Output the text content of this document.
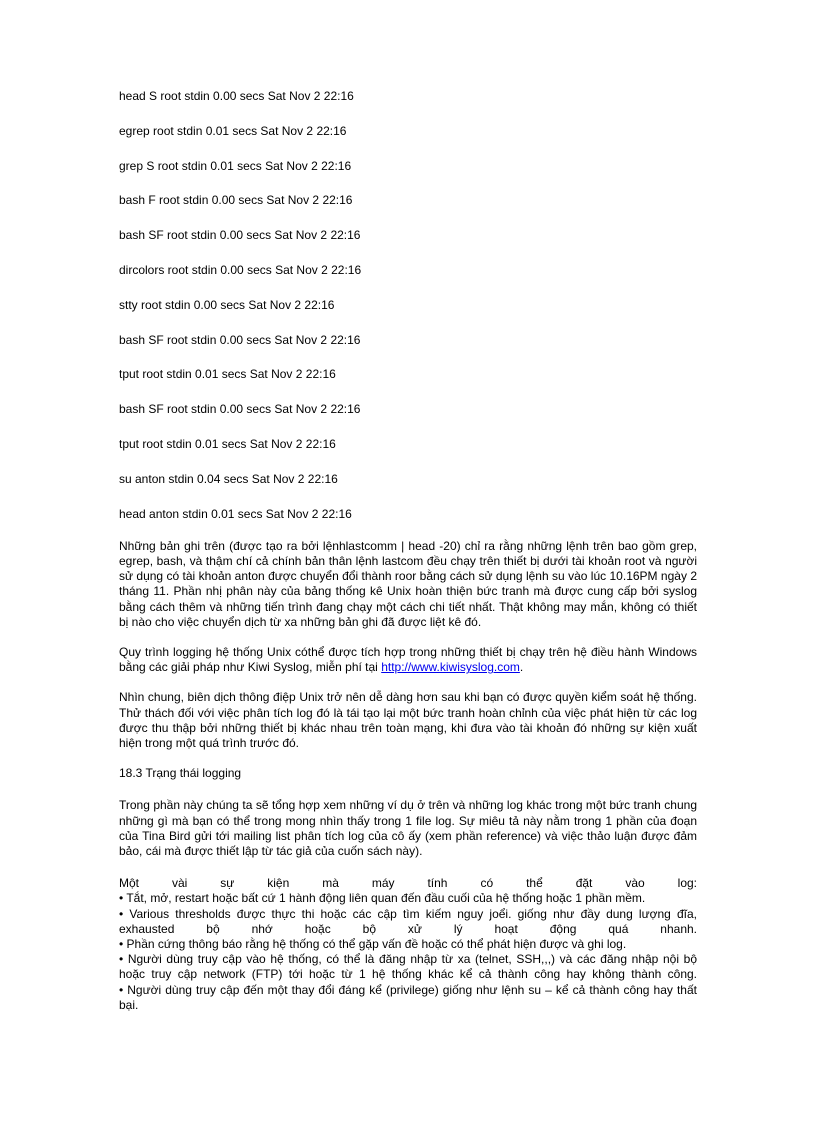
head S root stdin 0.00 secs Sat Nov 2 22:16
egrep root stdin 0.01 secs Sat Nov 2 22:16
grep S root stdin 0.01 secs Sat Nov 2 22:16
bash F root stdin 0.00 secs Sat Nov 2 22:16
bash SF root stdin 0.00 secs Sat Nov 2 22:16
dircolors root stdin 0.00 secs Sat Nov 2 22:16
stty root stdin 0.00 secs Sat Nov 2 22:16
bash SF root stdin 0.00 secs Sat Nov 2 22:16
tput root stdin 0.01 secs Sat Nov 2 22:16
bash SF root stdin 0.00 secs Sat Nov 2 22:16
tput root stdin 0.01 secs Sat Nov 2 22:16
su anton stdin 0.04 secs Sat Nov 2 22:16
head anton stdin 0.01 secs Sat Nov 2 22:16

Những bản ghi trên (được tạo ra bởi lệnhlastcomm | head -20) chỉ ra rằng những lệnh trên bao gồm grep, egrep, bash, và thậm chí cả chính bản thân lệnh lastcom đều chạy trên thiết bị dưới tài khoản root và người sử dụng có tài khoản anton được chuyển đổi thành roor bằng cách sử dụng lệnh su vào lúc 10.16PM ngày 2 tháng 11. Phần nhị phân này của bảng thống kê Unix hoàn thiện bức tranh mà được cung cấp bởi syslog bằng cách thêm và những tiến trình đang chạy một cách chi tiết nhất. Thật không may mắn, không có thiết bị nào cho việc chuyển dịch từ xa những bản ghi đã được liệt kê đó.

Quy trình logging hệ thống Unix cóthể được tích hợp trong những thiết bị chạy trên hệ điều hành Windows bằng các giải pháp như Kiwi Syslog, miễn phí tại http://www.kiwisyslog.com.

Nhìn chung, biên dịch thông điệp Unix trở nên dễ dàng hơn sau khi bạn có được quyền kiểm soát hệ thống. Thử thách đối với việc phân tích log đó là tái tạo lại một bức tranh hoàn chỉnh của việc phát hiện từ các log được thu thập bởi những thiết bị khác nhau trên toàn mạng, khi đưa vào tài khoản đó những sự kiện xuất hiện trong một quá trình trước đó.

18.3 Trạng thái logging

Trong phần này chúng ta sẽ tổng hợp xem những ví dụ ở trên và những log khác trong một bức tranh chung những gì mà bạn có thể trong mong nhìn thấy trong 1 file log. Sự miêu tả này nằm trong 1 phần của đoạn của Tina Bird gửi tới mailing list phân tích log của cô ấy (xem phần reference) và việc thảo luận được đảm bảo, cái mà được thiết lập từ tác giả của cuốn sách này).

Một vài sự kiện mà máy tính có thể đặt vào log:

• Tắt, mở, restart hoặc bất cứ 1 hành động liên quan đến đầu cuối của hệ thống hoặc 1 phần mềm.

• Various thresholds được thực thi hoặc các cập tìm kiếm nguy joểi. giống như đầy dung lượng đĩa, exhausted bộ nhớ hoặc bộ xử lý hoạt động quá nhanh.

• Phần cứng thông báo rằng hệ thống có thể gặp vấn đề hoặc có thể phát hiện được và ghi log.

• Người dùng truy cập vào hệ thống, có thể là đăng nhập từ xa (telnet, SSH,,,) và các đăng nhập nội bộ hoặc truy cập network (FTP) tới hoặc từ 1 hệ thống khác kể cả thành công hay không thành công.

• Người dùng truy cập đến một thay đổi đáng kể (privilege) giống như lệnh su – kể cả thành công hay thất bại.
